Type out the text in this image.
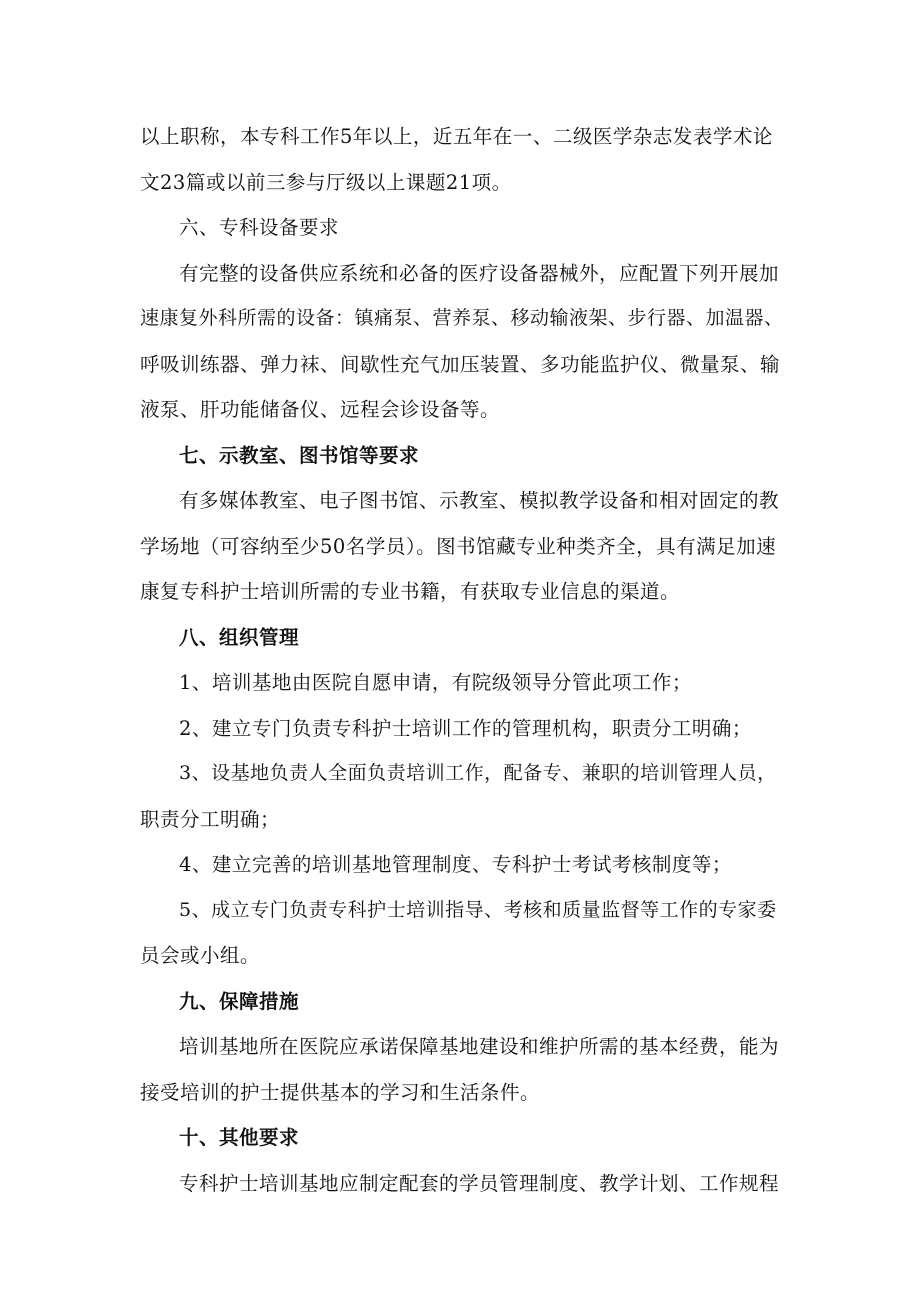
以上职称，本专科工作5年以上，近五年在一、二级医学杂志发表学术论

文23篇或以前三参与厅级以上课题21项。

六、专科设备要求

有完整的设备供应系统和必备的医疗设备器械外，应配置下列开展加

速康复外科所需的设备：镇痛泵、营养泵、移动输液架、步行器、加温器、

呼吸训练器、弹力袜、间歇性充气加压装置、多功能监护仪、微量泵、输

液泵、肝功能储备仪、远程会诊设备等。

七、示教室、图书馆等要求

有多媒体教室、电子图书馆、示教室、模拟教学设备和相对固定的教

学场地（可容纳至少50名学员）。图书馆藏专业种类齐全，具有满足加速

康复专科护士培训所需的专业书籍，有获取专业信息的渠道。

八、组织管理

1、培训基地由医院自愿申请，有院级领导分管此项工作；

2、建立专门负责专科护士培训工作的管理机构，职责分工明确；

3、设基地负责人全面负责培训工作，配备专、兼职的培训管理人员，

职责分工明确；

4、建立完善的培训基地管理制度、专科护士考试考核制度等；

5、成立专门负责专科护士培训指导、考核和质量监督等工作的专家委

员会或小组。

九、保障措施

培训基地所在医院应承诺保障基地建设和维护所需的基本经费，能为

接受培训的护士提供基本的学习和生活条件。

十、其他要求

专科护士培训基地应制定配套的学员管理制度、教学计划、工作规程
